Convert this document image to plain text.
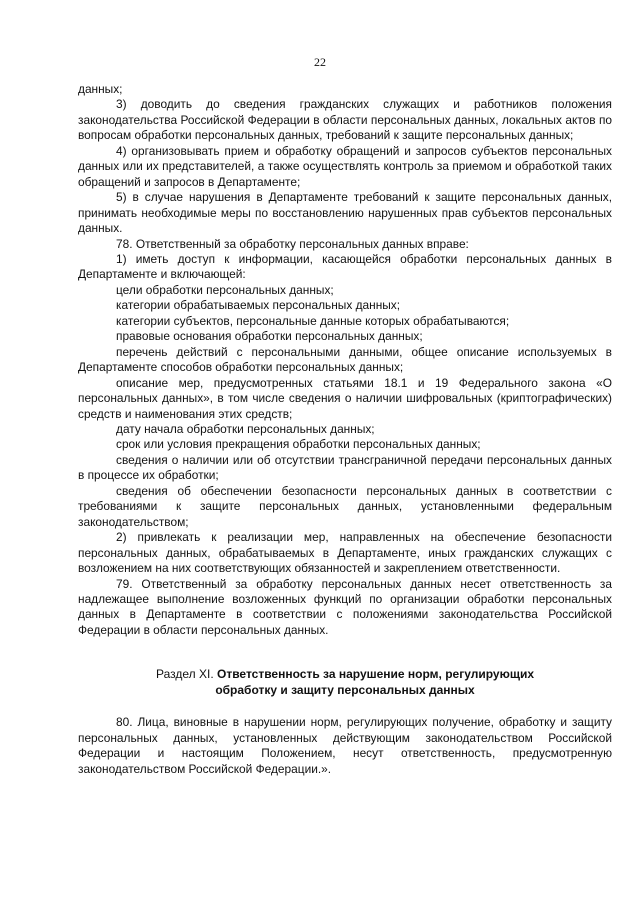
22

данных;

3) доводить до сведения гражданских служащих и работников положения законодательства Российской Федерации в области персональных данных, локальных актов по вопросам обработки персональных данных, требований к защите персональных данных;

4) организовывать прием и обработку обращений и запросов субъектов персональных данных или их представителей, а также осуществлять контроль за приемом и обработкой таких обращений и запросов в Департаменте;

5) в случае нарушения в Департаменте требований к защите персональных данных, принимать необходимые меры по восстановлению нарушенных прав субъектов персональных данных.

78. Ответственный за обработку персональных данных вправе:

1) иметь доступ к информации, касающейся обработки персональных данных в Департаменте и включающей:

цели обработки персональных данных;

категории обрабатываемых персональных данных;

категории субъектов, персональные данные которых обрабатываются;

правовые основания обработки персональных данных;

перечень действий с персональными данными, общее описание используемых в Департаменте способов обработки персональных данных;

описание мер, предусмотренных статьями 18.1 и 19 Федерального закона «О персональных данных», в том числе сведения о наличии шифровальных (криптографических) средств и наименования этих средств;

дату начала обработки персональных данных;

срок или условия прекращения обработки персональных данных;

сведения о наличии или об отсутствии трансграничной передачи персональных данных в процессе их обработки;

сведения об обеспечении безопасности персональных данных в соответствии с требованиями к защите персональных данных, установленными федеральным законодательством;

2) привлекать к реализации мер, направленных на обеспечение безопасности персональных данных, обрабатываемых в Департаменте, иных гражданских служащих с возложением на них соответствующих обязанностей и закреплением ответственности.

79. Ответственный за обработку персональных данных несет ответственность за надлежащее выполнение возложенных функций по организации обработки персональных данных в Департаменте в соответствии с положениями законодательства Российской Федерации в области персональных данных.

Раздел XI. Ответственность за нарушение норм, регулирующих
обработку и защиту персональных данных

80. Лица, виновные в нарушении норм, регулирующих получение, обработку и защиту персональных данных, установленных действующим законодательством Российской Федерации и настоящим Положением, несут ответственность, предусмотренную законодательством Российской Федерации.».
